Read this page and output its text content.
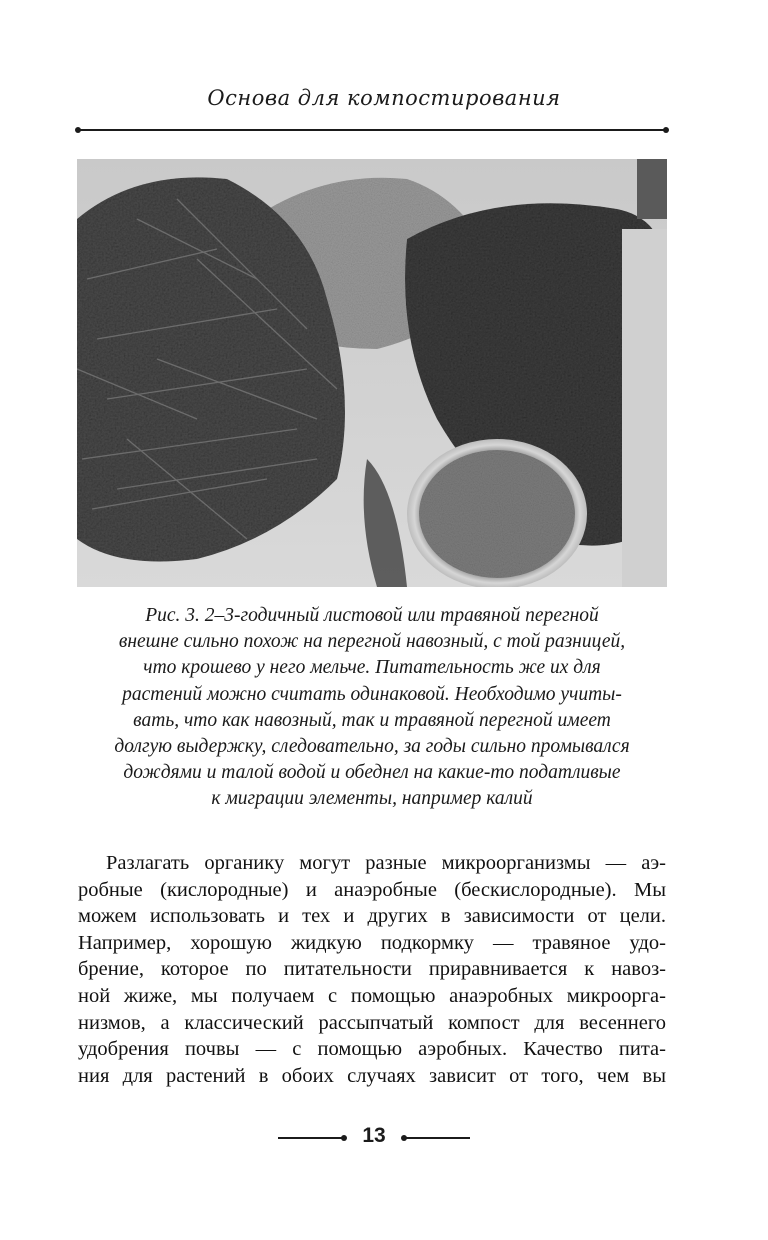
Основа для компостирования
Рис. 3. 2–3-годичный листовой или травяной перегной
внешне сильно похож на перегной навозный, с той разницей,
что крошево у него мельче. Питательность же их для
растений можно считать одинаковой. Необходимо учиты-
вать, что как навозный, так и травяной перегной имеет
долгую выдержку, следовательно, за годы сильно промывался
дождями и талой водой и обеднел на какие-то податливые
к миграции элементы, например калий
Разлагать органику могут разные микроорганизмы — аэ-
робные (кислородные) и анаэробные (бескислородные). Мы
можем использовать и тех и других в зависимости от цели.
Например, хорошую жидкую подкормку — травяное удо-
брение, которое по питательности приравнивается к навоз-
ной жиже, мы получаем с помощью анаэробных микроорга-
низмов, а классический рассыпчатый компост для весеннего
удобрения почвы — с помощью аэробных. Качество пита-
ния для растений в обоих случаях зависит от того, чем вы
13
